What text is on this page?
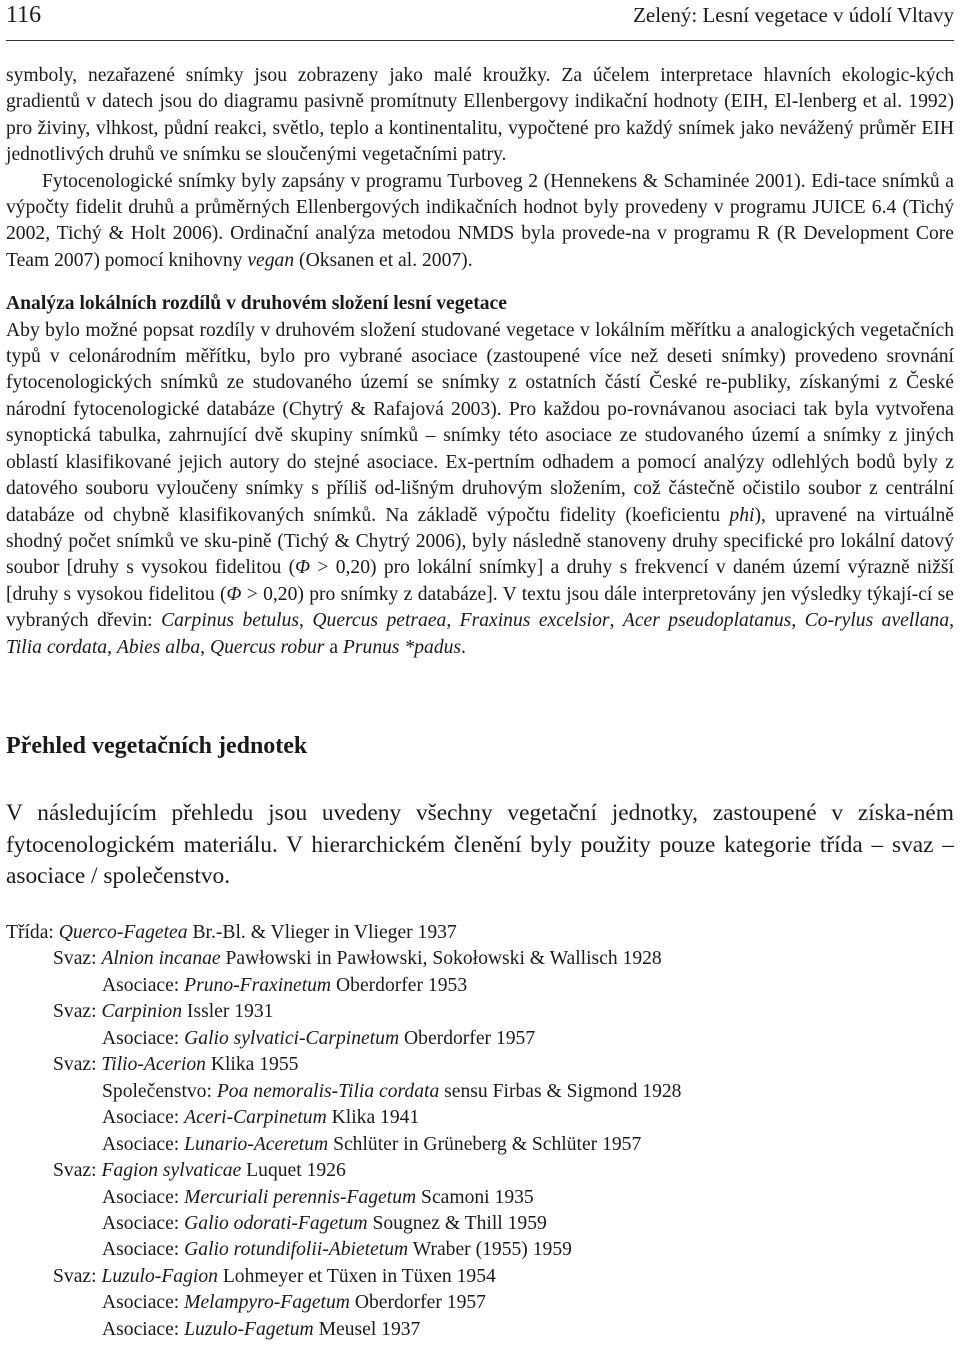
116	Zelený: Lesní vegetace v údolí Vltavy

symboly, nezařazené snímky jsou zobrazeny jako malé kroužky. Za účelem interpretace hlavních ekologic-kých gradientů v datech jsou do diagramu pasivně promítnuty Ellenbergovy indikační hodnoty (EIH, El-lenberg et al. 1992) pro živiny, vlhkost, půdní reakci, světlo, teplo a kontinentalitu, vypočtené pro každý snímek jako nevážený průměr EIH jednotlivých druhů ve snímku se sloučenými vegetačními patry.

Fytocenologické snímky byly zapsány v programu Turboveg 2 (Hennekens & Schaminée 2001). Edi-tace snímků a výpočty fidelit druhů a průměrných Ellenbergových indikačních hodnot byly provedeny v programu JUICE 6.4 (Tichý 2002, Tichý & Holt 2006). Ordinační analýza metodou NMDS byla provede-na v programu R (R Development Core Team 2007) pomocí knihovny vegan (Oksanen et al. 2007).

Analýza lokálních rozdílů v druhovém složení lesní vegetace

Aby bylo možné popsat rozdíly v druhovém složení studované vegetace v lokálním měřítku a analogických vegetačních typů v celonárodním měřítku, bylo pro vybrané asociace (zastoupené více než deseti snímky) provedeno srovnání fytocenologických snímků ze studovaného území se snímky z ostatních částí České re-publiky, získanými z České národní fytocenologické databáze (Chytrý & Rafajová 2003). Pro každou po-rovnávanou asociaci tak byla vytvořena synoptická tabulka, zahrnující dvě skupiny snímků – snímky této asociace ze studovaného území a snímky z jiných oblastí klasifikované jejich autory do stejné asociace. Ex-pertním odhadem a pomocí analýzy odlehlých bodů byly z datového souboru vyloučeny snímky s příliš od-lišným druhovým složením, což částečně očistilo soubor z centrální databáze od chybně klasifikovaných snímků. Na základě výpočtu fidelity (koeficientu phi), upravené na virtuálně shodný počet snímků ve sku-pině (Tichý & Chytrý 2006), byly následně stanoveny druhy specifické pro lokální datový soubor [druhy s vysokou fidelitou (Φ > 0,20) pro lokální snímky] a druhy s frekvencí v daném území výrazně nižší [druhy s vysokou fidelitou (Φ > 0,20) pro snímky z databáze]. V textu jsou dále interpretovány jen výsledky týkají-cí se vybraných dřevin: Carpinus betulus, Quercus petraea, Fraxinus excelsior, Acer pseudoplatanus, Co-rylus avellana, Tilia cordata, Abies alba, Quercus robur a Prunus *padus.

Přehled vegetačních jednotek
V následujícím přehledu jsou uvedeny všechny vegetační jednotky, zastoupené v získa-ném fytocenologickém materiálu. V hierarchickém členění byly použity pouze kategorie třída – svaz – asociace / společenstvo.
Třída: Querco-Fagetea Br.-Bl. & Vlieger in Vlieger 1937
Svaz: Alnion incanae Pawłowski in Pawłowski, Sokołowski & Wallisch 1928
Asociace: Pruno-Fraxinetum Oberdorfer 1953
Svaz: Carpinion Issler 1931
Asociace: Galio sylvatici-Carpinetum Oberdorfer 1957
Svaz: Tilio-Acerion Klika 1955
Společenstvo: Poa nemoralis-Tilia cordata sensu Firbas & Sigmond 1928
Asociace: Aceri-Carpinetum Klika 1941
Asociace: Lunario-Aceretum Schlüter in Grüneberg & Schlüter 1957
Svaz: Fagion sylvaticae Luquet 1926
Asociace: Mercuriali perennis-Fagetum Scamoni 1935
Asociace: Galio odorati-Fagetum Sougnez & Thill 1959
Asociace: Galio rotundifolii-Abietetum Wraber (1955) 1959
Svaz: Luzulo-Fagion Lohmeyer et Tüxen in Tüxen 1954
Asociace: Melampyro-Fagetum Oberdorfer 1957
Asociace: Luzulo-Fagetum Meusel 1937
